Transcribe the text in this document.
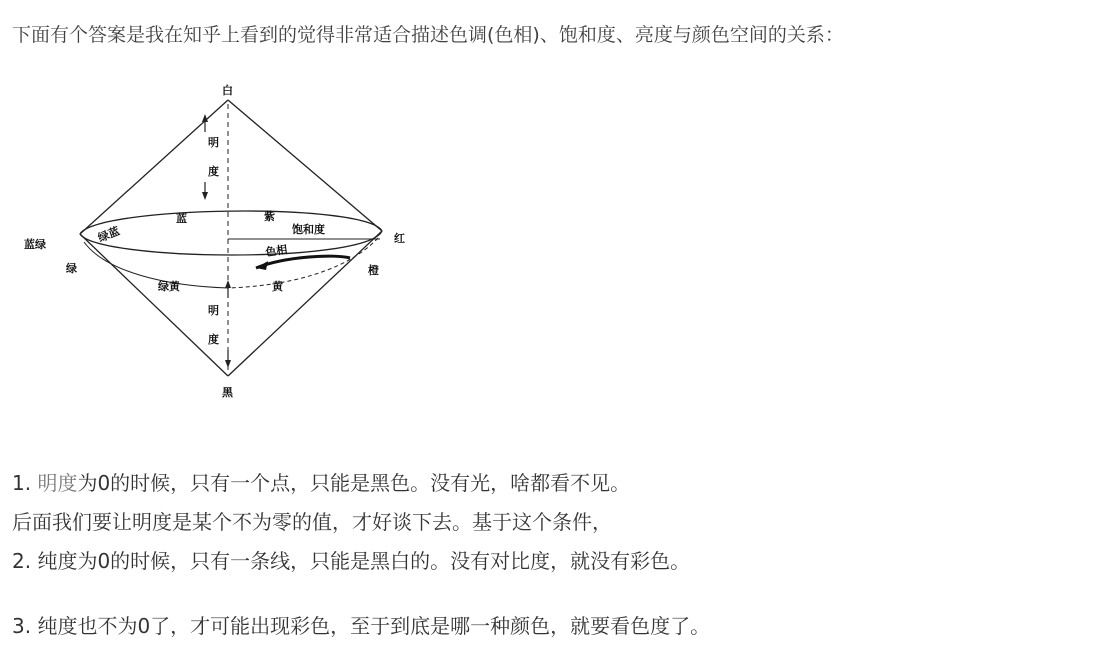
下面有个答案是我在知乎上看到的觉得非常适合描述色调(色相)、饱和度、亮度与颜色空间的关系：
白
黑
蓝绿	红
绿	橙
绿蓝
蓝	紫
饱和度
色相
绿黄	黄
明
度
明
度
1. 明度为0的时候，只有一个点，只能是黑色。没有光，啥都看不见。
后面我们要让明度是某个不为零的值，才好谈下去。基于这个条件，
2. 纯度为0的时候，只有一条线，只能是黑白的。没有对比度，就没有彩色。
3. 纯度也不为0了，才可能出现彩色，至于到底是哪一种颜色，就要看色度了。
